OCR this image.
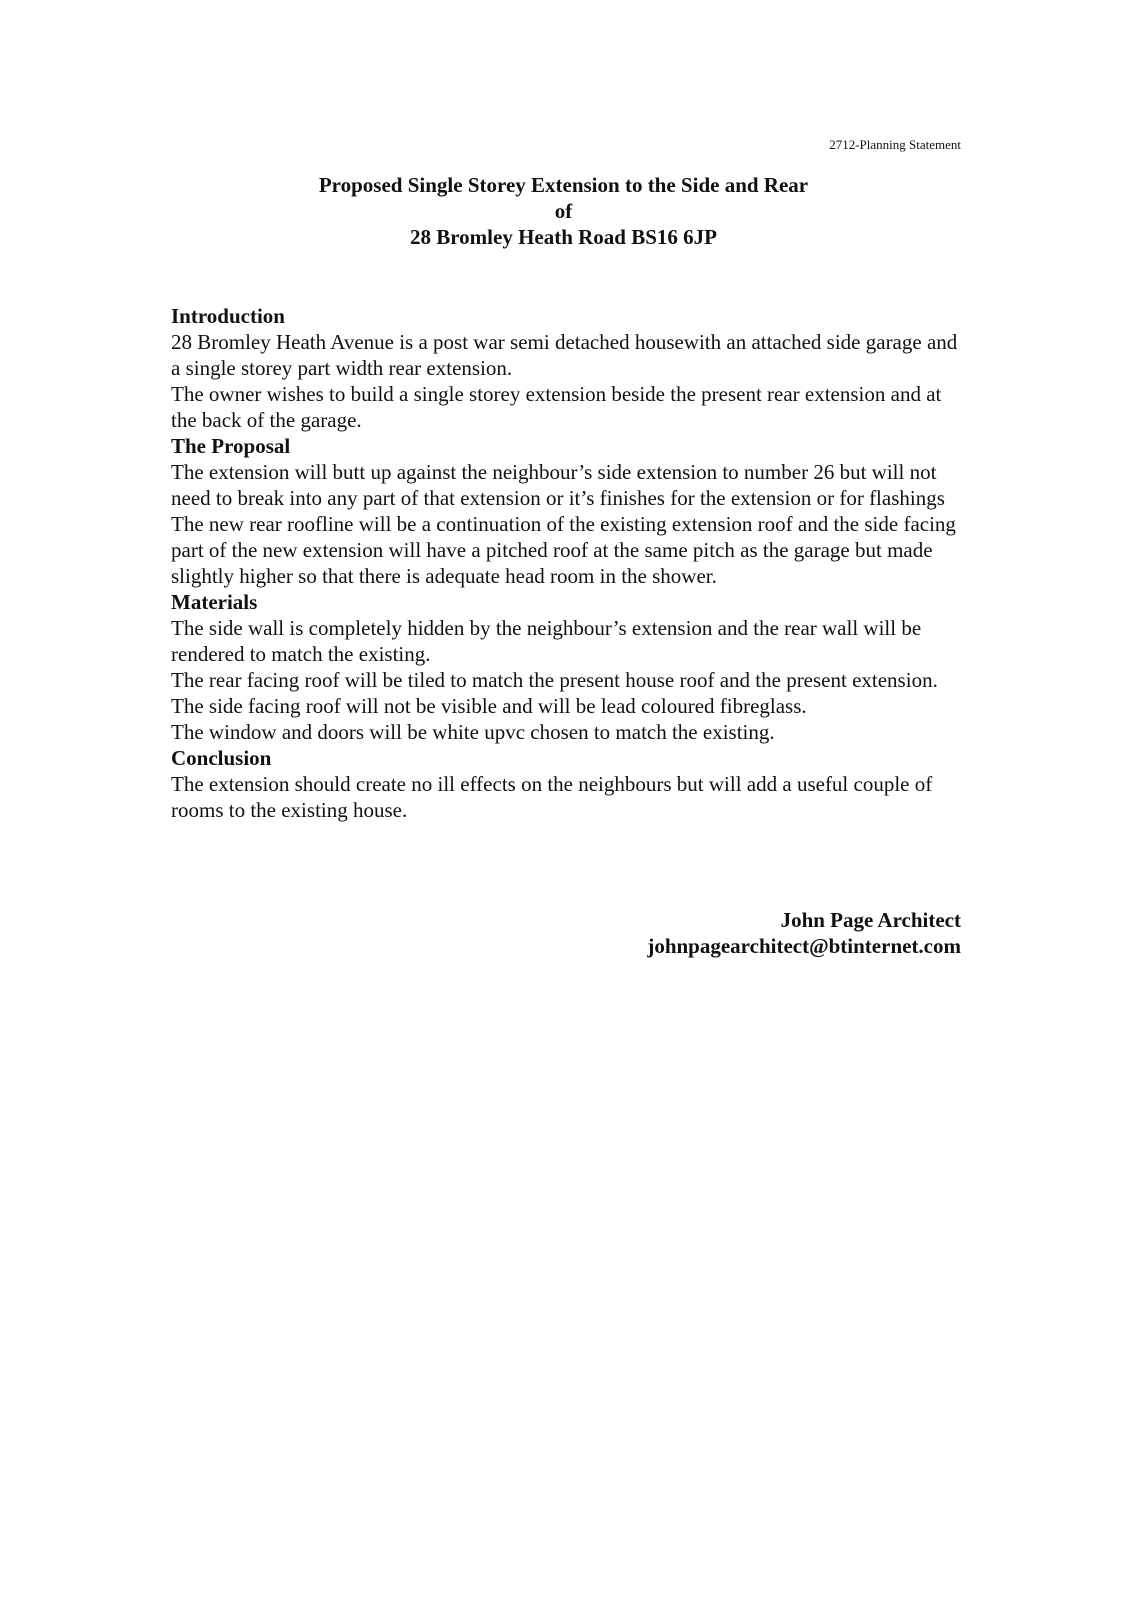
2712-Planning Statement
Proposed Single Storey Extension to the Side and Rear
of
28 Bromley Heath Road BS16 6JP
Introduction

28 Bromley Heath Avenue is a post war semi detached housewith an attached side garage and a single storey part width rear extension.

The owner wishes to build a single storey extension beside the present rear extension and at the back of the garage.

The Proposal

The extension will butt up against the neighbour’s side extension to number 26 but will not need to break into any part of that extension or it’s finishes for the extension or for flashings

The new rear roofline will be a continuation of the existing extension roof and the side facing part of the new extension will have a pitched roof at the same pitch as the garage but made slightly higher so that there is adequate head room in the shower.

Materials

The side wall is completely hidden by the neighbour’s extension and the rear wall will be rendered to match the existing.

The rear facing roof will be tiled to match the present house roof and the present extension. The side facing roof will not be visible and will be lead coloured fibreglass.

The window and doors will be white upvc chosen to match the existing.

Conclusion

The extension should create no ill effects on the neighbours but will add a useful couple of rooms to the existing house.

John Page Architect
johnpagearchitect@btinternet.com
